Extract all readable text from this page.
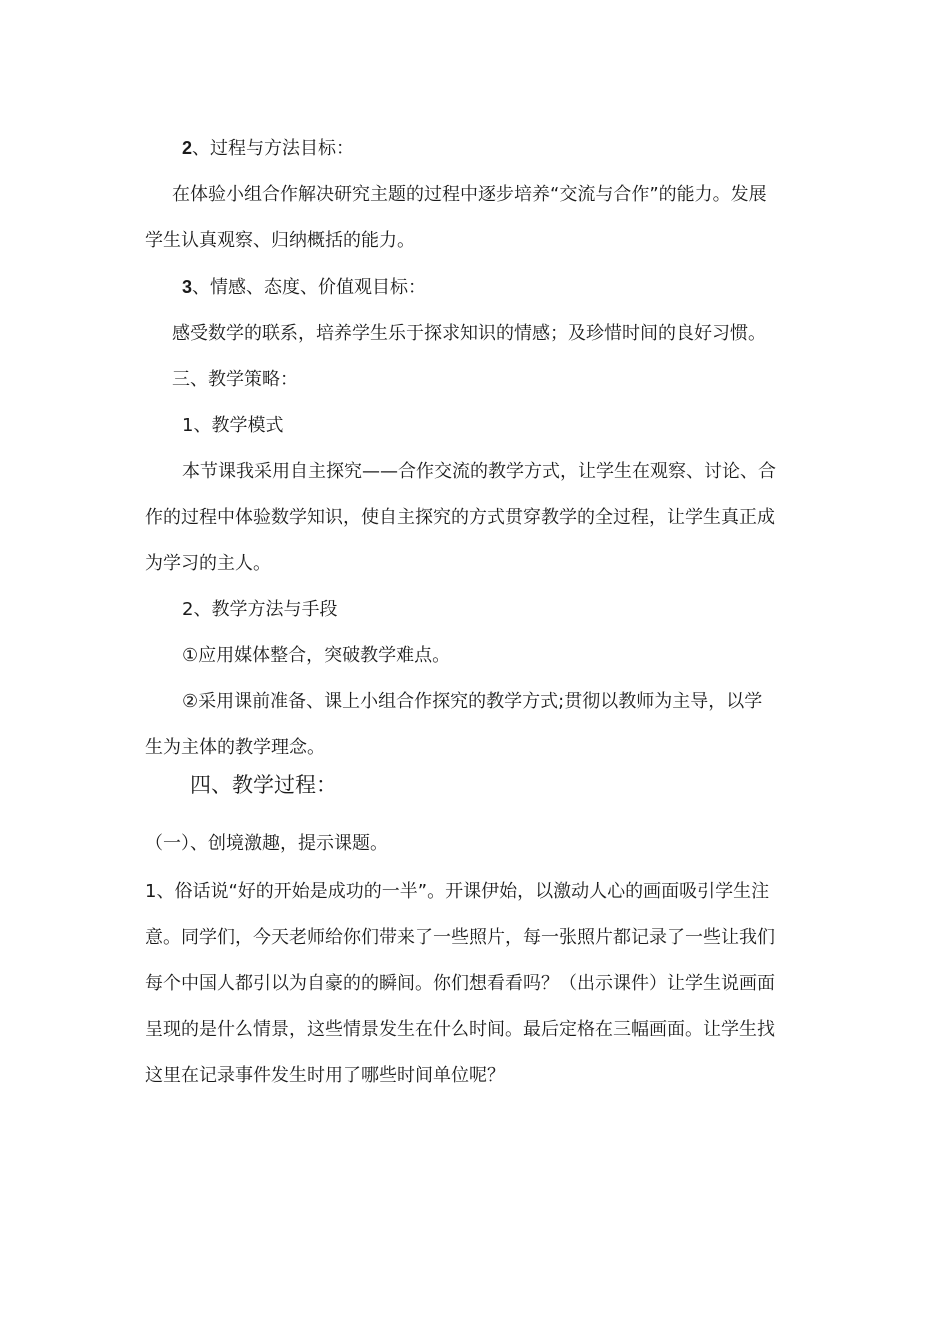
2、过程与方法目标：
在体验小组合作解决研究主题的过程中逐步培养“交流与合作”的能力。发展
学生认真观察、归纳概括的能力。
3、情感、态度、价值观目标：
感受数学的联系，培养学生乐于探求知识的情感；及珍惜时间的良好习惯。
三、教学策略：
1、教学模式
本节课我采用自主探究——合作交流的教学方式，让学生在观察、讨论、合
作的过程中体验数学知识，使自主探究的方式贯穿教学的全过程，让学生真正成
为学习的主人。
2、教学方法与手段
①应用媒体整合，突破教学难点。
②采用课前准备、课上小组合作探究的教学方式;贯彻以教师为主导，以学
生为主体的教学理念。
四、教学过程：
（一）、创境激趣，提示课题。
1、俗话说“好的开始是成功的一半”。开课伊始，以激动人心的画面吸引学生注
意。同学们，今天老师给你们带来了一些照片，每一张照片都记录了一些让我们
每个中国人都引以为自豪的的瞬间。你们想看看吗？（出示课件）让学生说画面
呈现的是什么情景，这些情景发生在什么时间。最后定格在三幅画面。让学生找
这里在记录事件发生时用了哪些时间单位呢？
